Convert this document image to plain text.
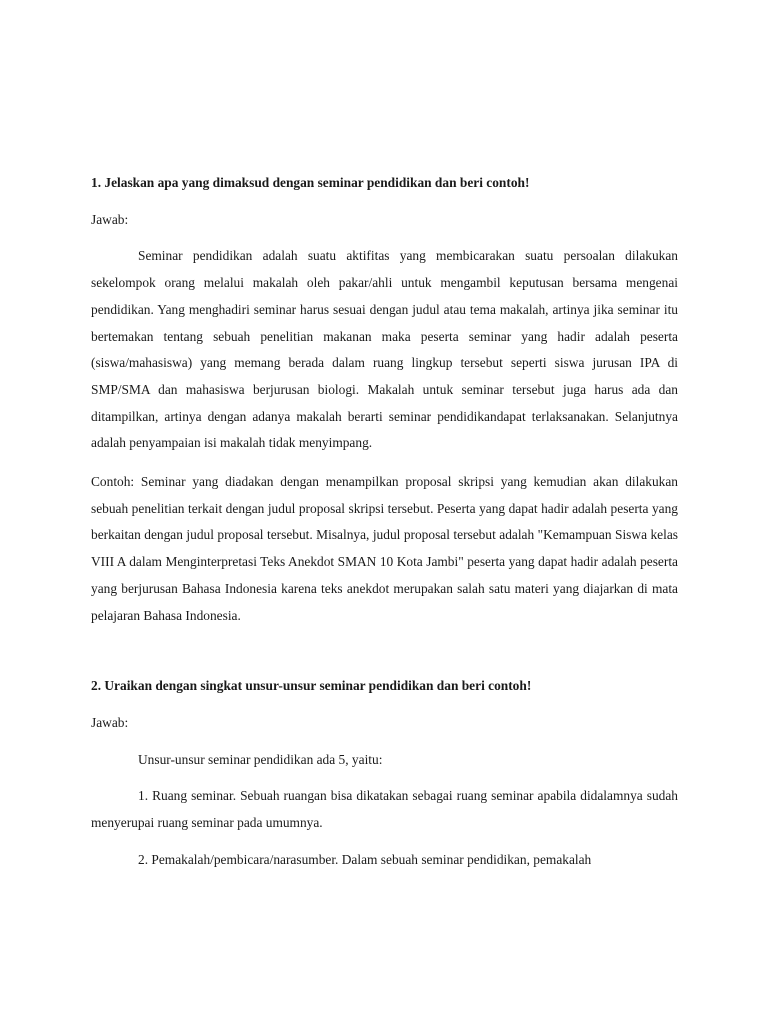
1. Jelaskan apa yang dimaksud dengan seminar pendidikan dan beri contoh!

Jawab:

Seminar pendidikan adalah suatu aktifitas yang membicarakan suatu persoalan dilakukan sekelompok orang melalui makalah oleh pakar/ahli untuk mengambil keputusan bersama mengenai pendidikan. Yang menghadiri seminar harus sesuai dengan judul atau tema makalah, artinya jika seminar itu bertemakan tentang sebuah penelitian makanan maka peserta seminar yang hadir adalah peserta (siswa/mahasiswa) yang memang berada dalam ruang lingkup tersebut seperti siswa jurusan IPA di SMP/SMA dan mahasiswa berjurusan biologi. Makalah untuk seminar tersebut juga harus ada dan ditampilkan, artinya dengan adanya makalah berarti seminar pendidikandapat terlaksanakan. Selanjutnya adalah penyampaian isi makalah tidak menyimpang.

Contoh: Seminar yang diadakan dengan menampilkan proposal skripsi yang kemudian akan dilakukan sebuah penelitian terkait dengan judul proposal skripsi tersebut. Peserta yang dapat hadir adalah peserta yang berkaitan dengan judul proposal tersebut. Misalnya, judul proposal tersebut adalah "Kemampuan Siswa kelas VIII A dalam Menginterpretasi Teks Anekdot SMAN 10 Kota Jambi" peserta yang dapat hadir adalah peserta yang berjurusan Bahasa Indonesia karena teks anekdot merupakan salah satu materi yang diajarkan di mata pelajaran Bahasa Indonesia.

2. Uraikan dengan singkat unsur-unsur seminar pendidikan dan beri contoh!

Jawab:

Unsur-unsur seminar pendidikan ada 5, yaitu:

1. Ruang seminar. Sebuah ruangan bisa dikatakan sebagai ruang seminar apabila didalamnya sudah menyerupai ruang seminar pada umumnya.

2. Pemakalah/pembicara/narasumber. Dalam sebuah seminar pendidikan, pemakalah
